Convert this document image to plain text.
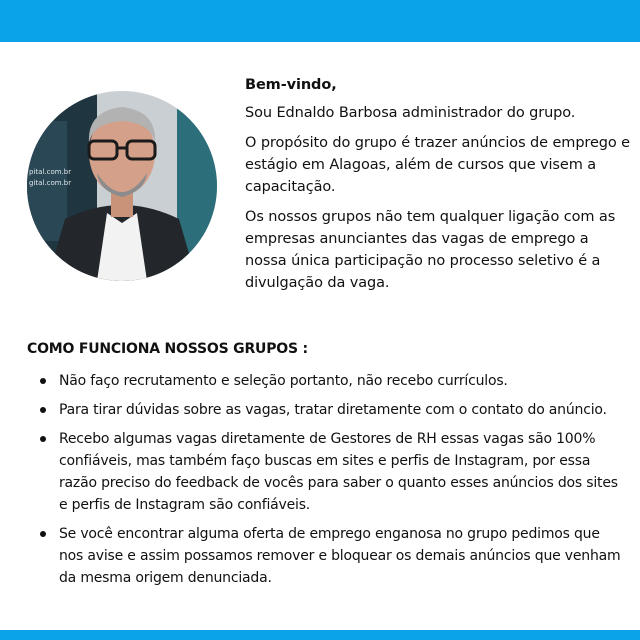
pital.com.br
gital.com.br

Bem-vindo,

Sou Ednaldo Barbosa administrador do grupo.

O propósito do grupo é trazer anúncios de emprego e estágio em Alagoas, além de cursos que visem a capacitação.

Os nossos grupos não tem qualquer ligação com as empresas anunciantes das vagas de emprego a nossa única participação no processo seletivo é a divulgação da vaga.

COMO FUNCIONA NOSSOS GRUPOS :
Não faço recrutamento e seleção portanto, não recebo currículos.
Para tirar dúvidas sobre as vagas, tratar diretamente com o contato do anúncio.
Recebo algumas vagas diretamente de Gestores de RH essas vagas são 100% confiáveis, mas também faço buscas em sites e perfis de Instagram, por essa razão preciso do feedback de vocês para saber o quanto esses anúncios dos sites e perfis de Instagram são confiáveis.
Se você encontrar alguma oferta de emprego enganosa no grupo pedimos que nos avise e assim possamos remover e bloquear os demais anúncios que venham da mesma origem denunciada.
